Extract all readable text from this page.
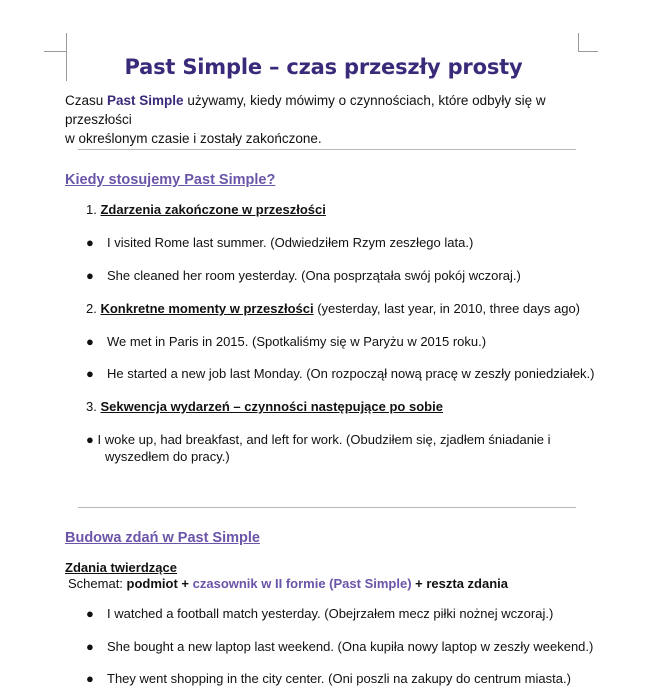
Past Simple – czas przeszły prosty
Czasu Past Simple używamy, kiedy mówimy o czynnościach, które odbyły się w przeszłości
w określonym czasie i zostały zakończone.
Kiedy stosujemy Past Simple?
1. Zdarzenia zakończone w przeszłości
● I visited Rome last summer. (Odwiedziłem Rzym zeszłego lata.)
● She cleaned her room yesterday. (Ona posprzątała swój pokój wczoraj.)
2. Konkretne momenty w przeszłości (yesterday, last year, in 2010, three days ago)
● We met in Paris in 2015. (Spotkaliśmy się w Paryżu w 2015 roku.)
● He started a new job last Monday. (On rozpoczął nową pracę w zeszły poniedziałek.)
3. Sekwencja wydarzeń – czynności następujące po sobie
● I woke up, had breakfast, and left for work. (Obudziłem się, zjadłem śniadanie i
wyszedłem do pracy.)
Budowa zdań w Past Simple
Zdania twierdzące
Schemat: podmiot + czasownik w II formie (Past Simple) + reszta zdania
● I watched a football match yesterday. (Obejrzałem mecz piłki nożnej wczoraj.)
● She bought a new laptop last weekend. (Ona kupiła nowy laptop w zeszły weekend.)
● They went shopping in the city center. (Oni poszli na zakupy do centrum miasta.)
